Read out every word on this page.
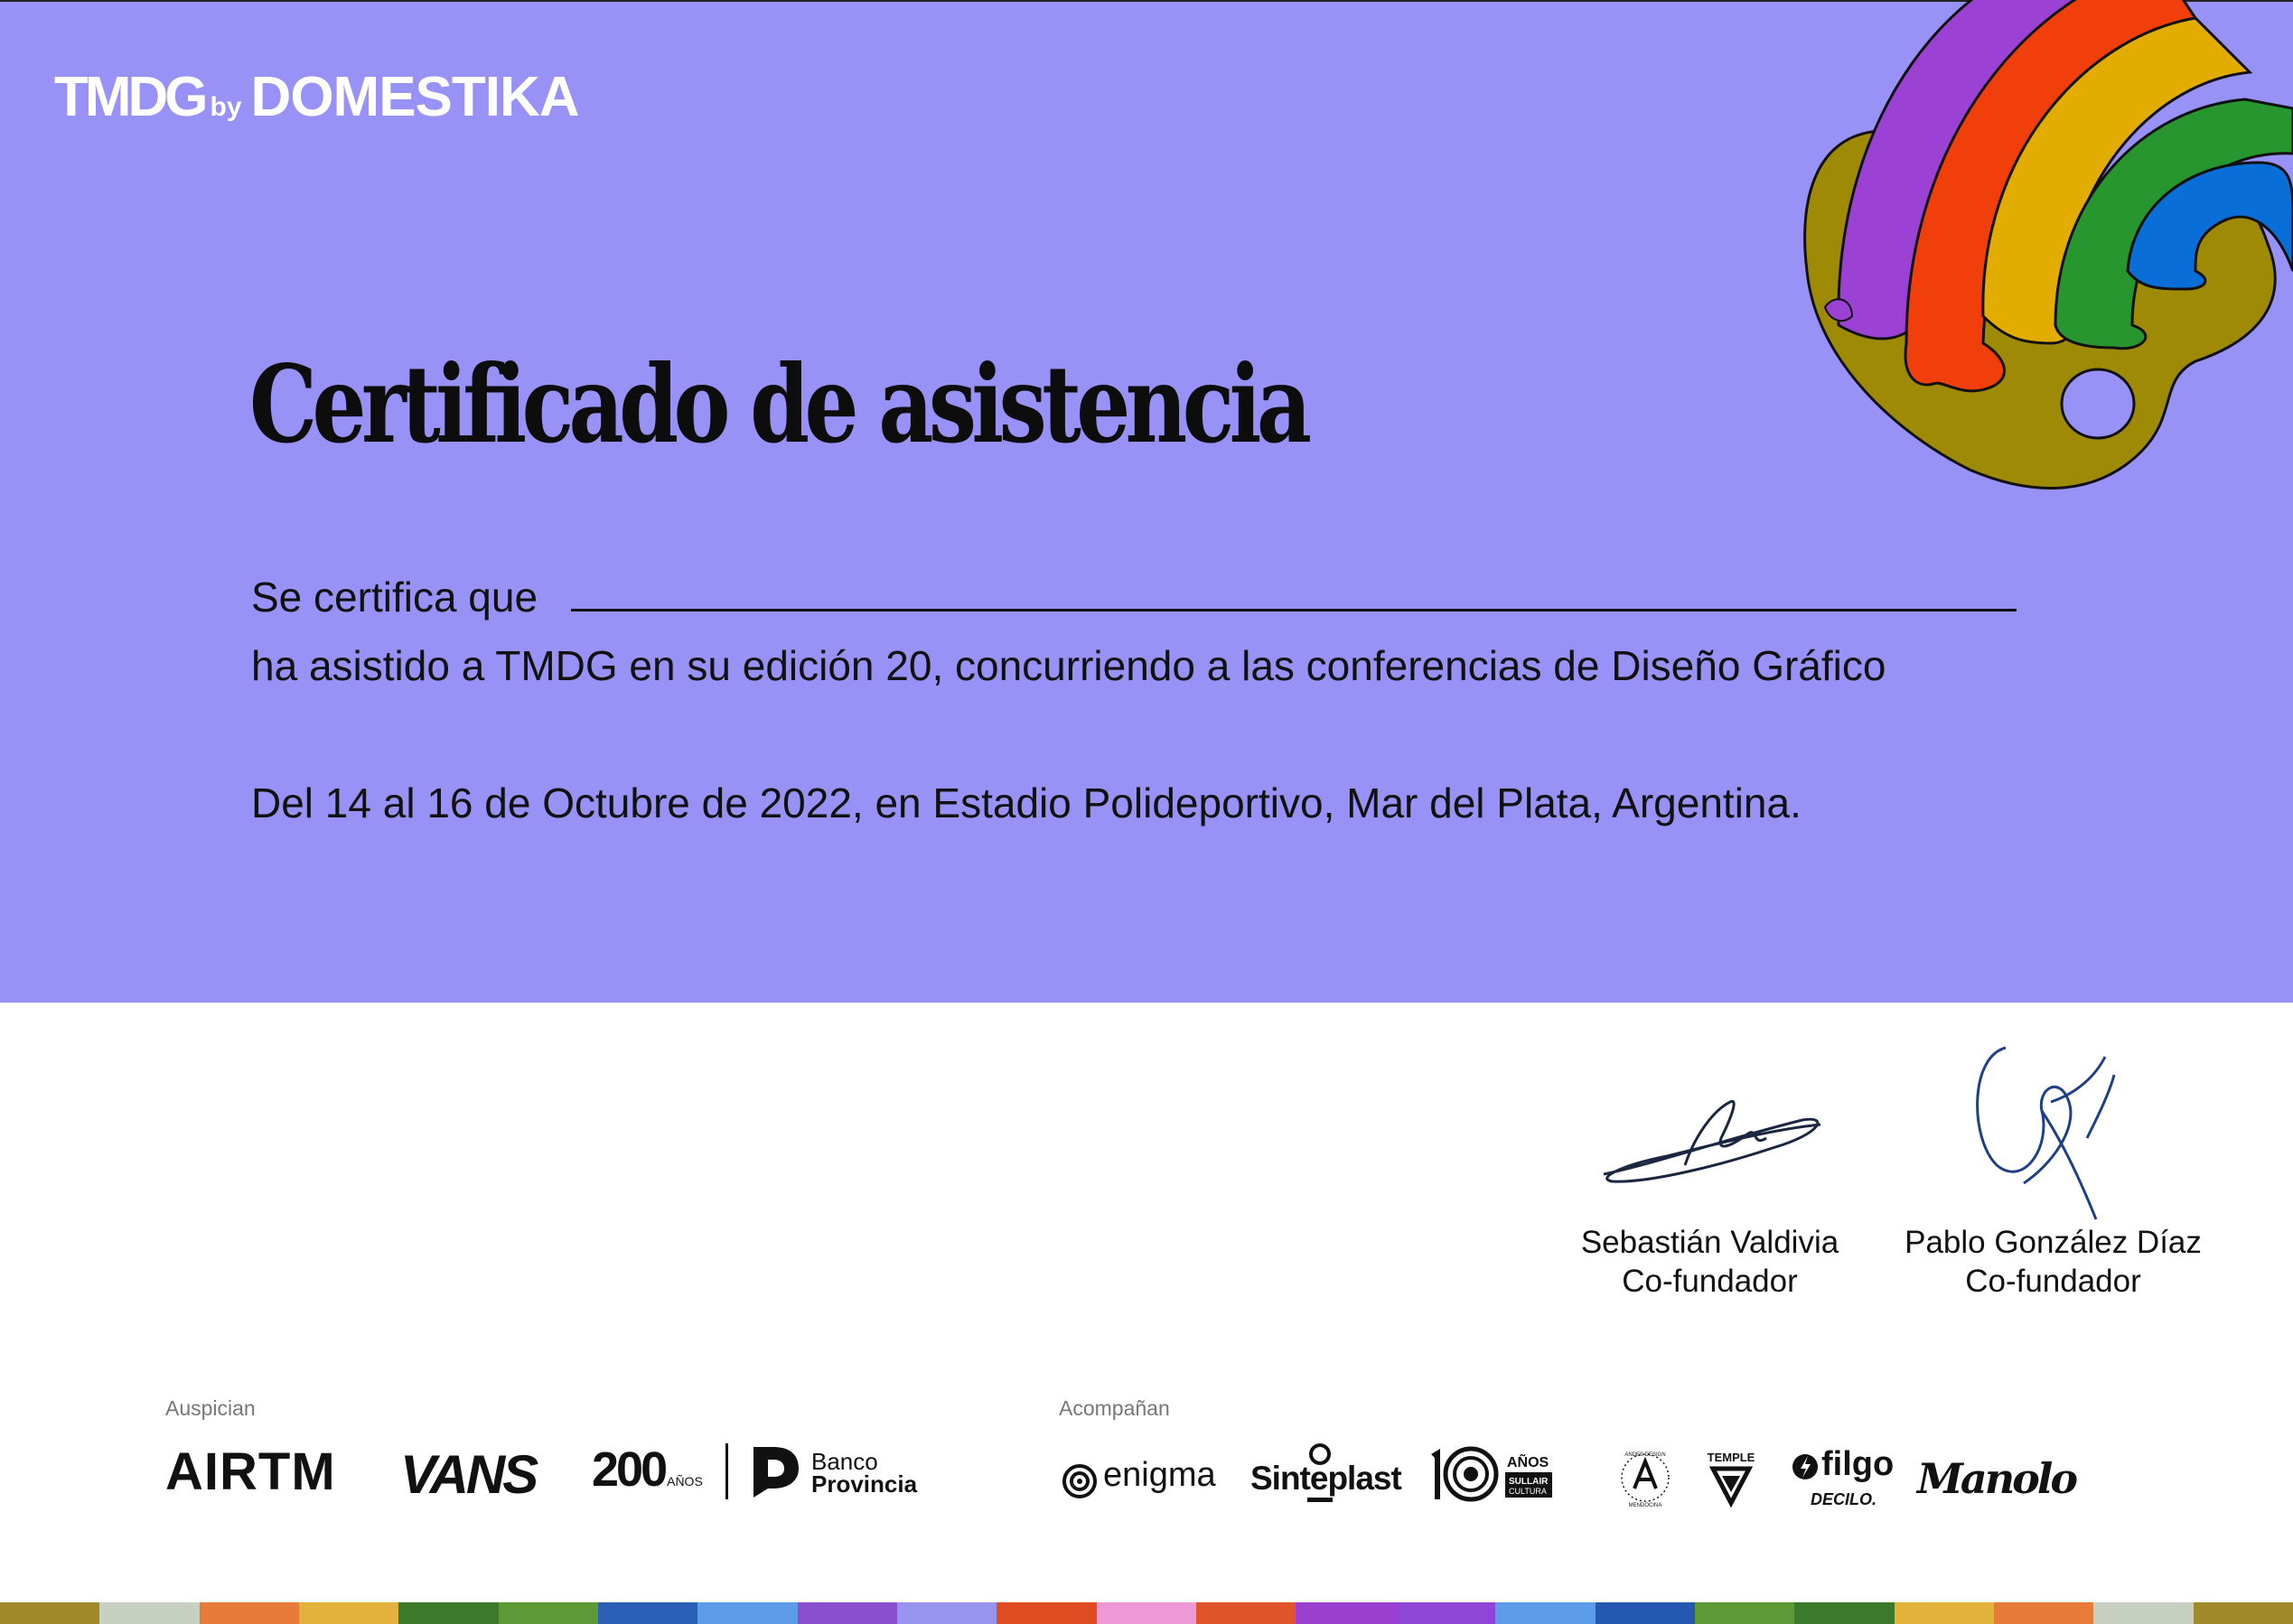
TMDG by DOMESTIKA
Certificado de asistencia
Se certifica que
ha asistido a TMDG en su edición 20, concurriendo a las conferencias de Diseño Gráfico
Del 14 al 16 de Octubre de 2022, en Estadio Polideportivo, Mar del Plata, Argentina.
Sebastián Valdivia
Co-fundador
Pablo González Díaz
Co-fundador
Auspician	Acompañan
AIRTM VANS 200 AÑOS
Banco
Provincia	enigma Sinteplast	AÑOS
SULLAIR
CULTURA
ANDES DESIGN
MENDOCINA
TEMPLE filgo
DECILO. Manolo
